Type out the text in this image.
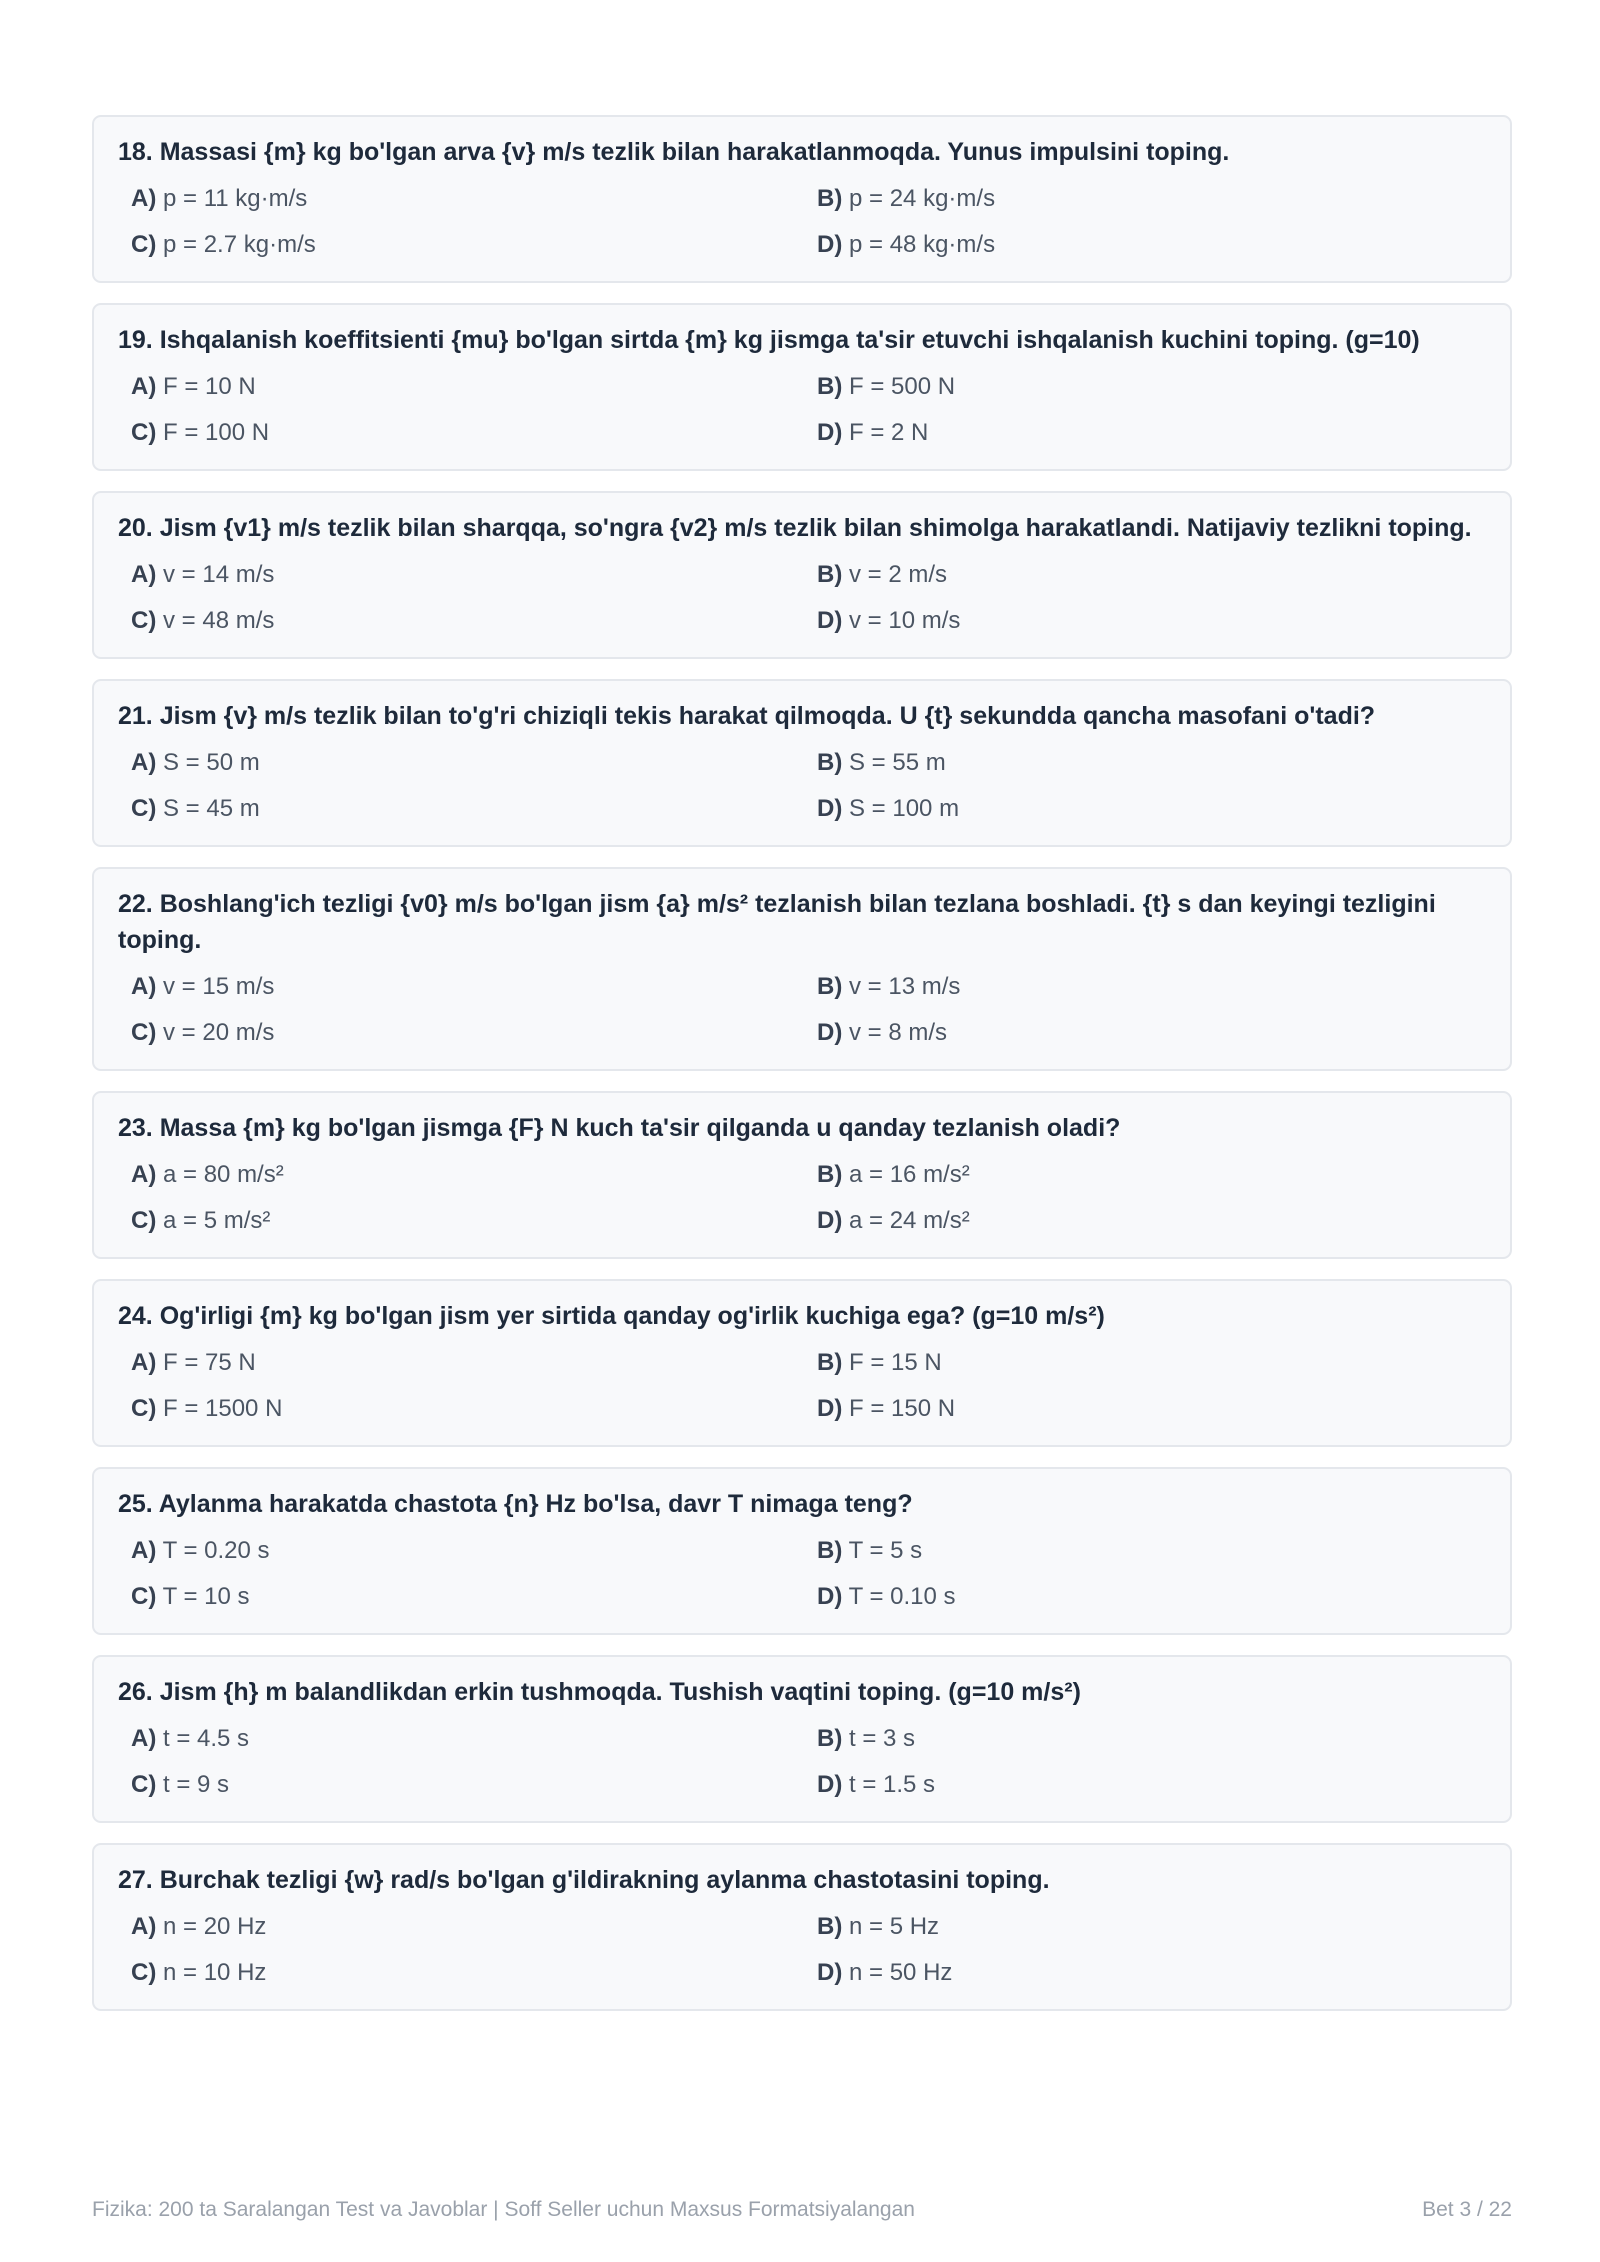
18. Massasi {m} kg bo'lgan arva {v} m/s tezlik bilan harakatlanmoqda. Yunus impulsini toping.

A) p = 11 kg·m/s	B) p = 24 kg·m/s
C) p = 2.7 kg·m/s	D) p = 48 kg·m/s

19. Ishqalanish koeffitsienti {mu} bo'lgan sirtda {m} kg jismga ta'sir etuvchi ishqalanish kuchini toping. (g=10)

A) F = 10 N	B) F = 500 N
C) F = 100 N	D) F = 2 N

20. Jism {v1} m/s tezlik bilan sharqqa, so'ngra {v2} m/s tezlik bilan shimolga harakatlandi. Natijaviy tezlikni toping.

A) v = 14 m/s	B) v = 2 m/s
C) v = 48 m/s	D) v = 10 m/s

21. Jism {v} m/s tezlik bilan to'g'ri chiziqli tekis harakat qilmoqda. U {t} sekundda qancha masofani o'tadi?

A) S = 50 m	B) S = 55 m
C) S = 45 m	D) S = 100 m

22. Boshlang'ich tezligi {v0} m/s bo'lgan jism {a} m/s² tezlanish bilan tezlana boshladi. {t} s dan keyingi tezligini toping.

A) v = 15 m/s	B) v = 13 m/s
C) v = 20 m/s	D) v = 8 m/s

23. Massa {m} kg bo'lgan jismga {F} N kuch ta'sir qilganda u qanday tezlanish oladi?

A) a = 80 m/s²	B) a = 16 m/s²
C) a = 5 m/s²	D) a = 24 m/s²

24. Og'irligi {m} kg bo'lgan jism yer sirtida qanday og'irlik kuchiga ega? (g=10 m/s²)

A) F = 75 N	B) F = 15 N
C) F = 1500 N	D) F = 150 N

25. Aylanma harakatda chastota {n} Hz bo'lsa, davr T nimaga teng?

A) T = 0.20 s	B) T = 5 s
C) T = 10 s	D) T = 0.10 s

26. Jism {h} m balandlikdan erkin tushmoqda. Tushish vaqtini toping. (g=10 m/s²)

A) t = 4.5 s	B) t = 3 s
C) t = 9 s	D) t = 1.5 s

27. Burchak tezligi {w} rad/s bo'lgan g'ildirakning aylanma chastotasini toping.

A) n = 20 Hz	B) n = 5 Hz
C) n = 10 Hz	D) n = 50 Hz
Fizika: 200 ta Saralangan Test va Javoblar | Soff Seller uchun Maxsus Formatsiyalangan	Bet 3 / 22
